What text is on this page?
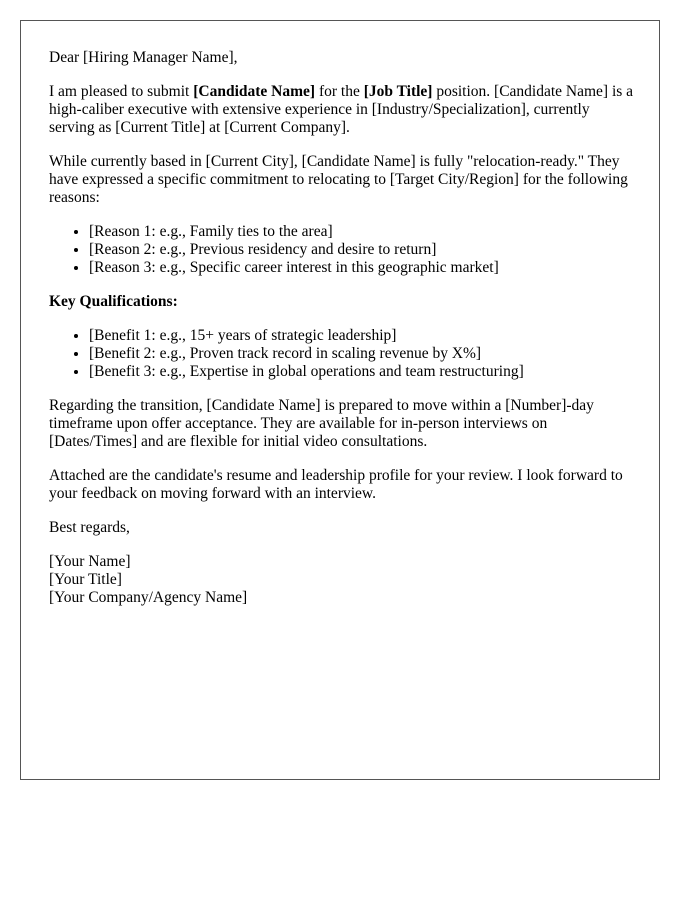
Dear [Hiring Manager Name],

I am pleased to submit [Candidate Name] for the [Job Title] position. [Candidate Name] is a high-caliber executive with extensive experience in [Industry/Specialization], currently serving as [Current Title] at [Current Company].

While currently based in [Current City], [Candidate Name] is fully "relocation-ready." They have expressed a specific commitment to relocating to [Target City/Region] for the following reasons:

• [Reason 1: e.g., Family ties to the area]
• [Reason 2: e.g., Previous residency and desire to return]
• [Reason 3: e.g., Specific career interest in this geographic market]

Key Qualifications:

• [Benefit 1: e.g., 15+ years of strategic leadership]
• [Benefit 2: e.g., Proven track record in scaling revenue by X%]
• [Benefit 3: e.g., Expertise in global operations and team restructuring]

Regarding the transition, [Candidate Name] is prepared to move within a [Number]-day timeframe upon offer acceptance. They are available for in-person interviews on [Dates/Times] and are flexible for initial video consultations.

Attached are the candidate's resume and leadership profile for your review. I look forward to your feedback on moving forward with an interview.

Best regards,

[Your Name]
[Your Title]
[Your Company/Agency Name]
